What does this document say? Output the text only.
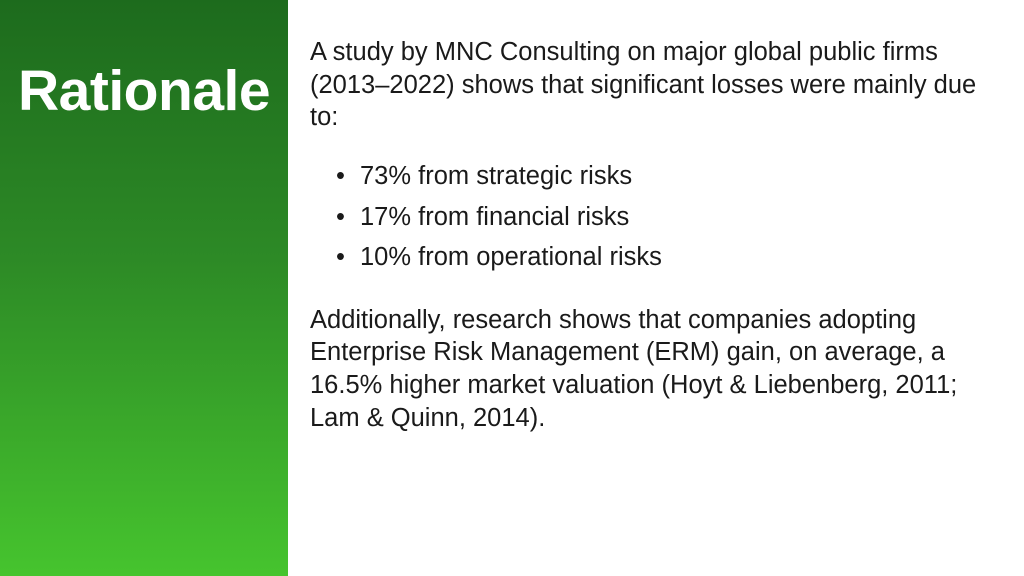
Rationale

A study by MNC Consulting on major global public firms (2013–2022) shows that significant losses were mainly due to:

• 73% from strategic risks
• 17% from financial risks
• 10% from operational risks

Additionally, research shows that companies adopting Enterprise Risk Management (ERM) gain, on average, a 16.5% higher market valuation (Hoyt & Liebenberg, 2011; Lam & Quinn, 2014).
